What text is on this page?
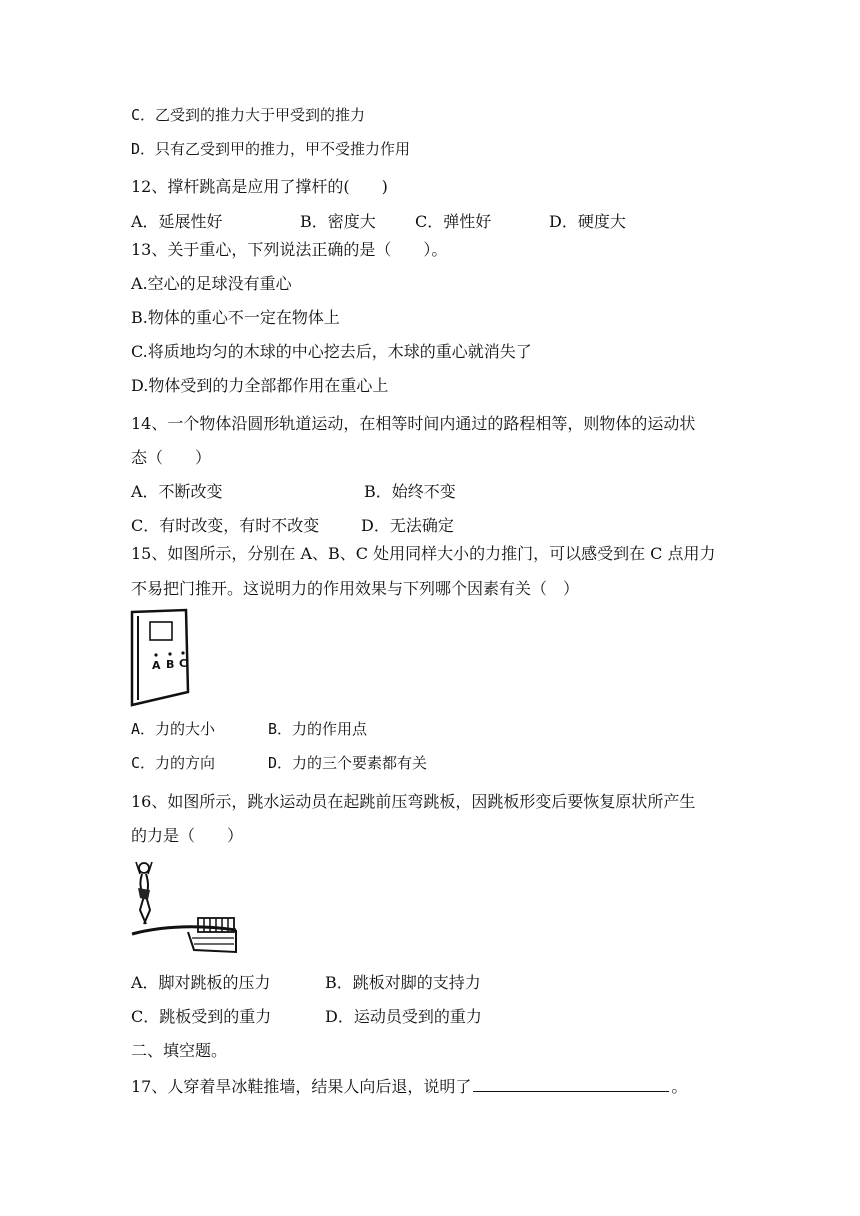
C．乙受到的推力大于甲受到的推力
D．只有乙受到甲的推力，甲不受推力作用
12、撑杆跳高是应用了撑杆的(　　)
A．延展性好	B．密度大 C．弹性好	D．硬度大
13、关于重心，下列说法正确的是（　　）。
A.空心的足球没有重心
B.物体的重心不一定在物体上
C.将质地均匀的木球的中心挖去后，木球的重心就消失了
D.物体受到的力全部都作用在重心上
14、一个物体沿圆形轨道运动，在相等时间内通过的路程相等，则物体的运动状
态（　　）
A．不断改变	B．始终不变
C．有时改变，有时不改变	D．无法确定
15、如图所示，分别在 A、B、C 处用同样大小的力推门，可以感受到在 C 点用力
不易把门推开。这说明力的作用效果与下列哪个因素有关（　）
A B C
A．力的大小	B．力的作用点
C．力的方向	D．力的三个要素都有关
16、如图所示，跳水运动员在起跳前压弯跳板，因跳板形变后要恢复原状所产生
的力是（　　）
A．脚对跳板的压力	B．跳板对脚的支持力
C．跳板受到的重力	D．运动员受到的重力
二、填空题。
17、人穿着旱冰鞋推墙，结果人向后退，说明了	。
